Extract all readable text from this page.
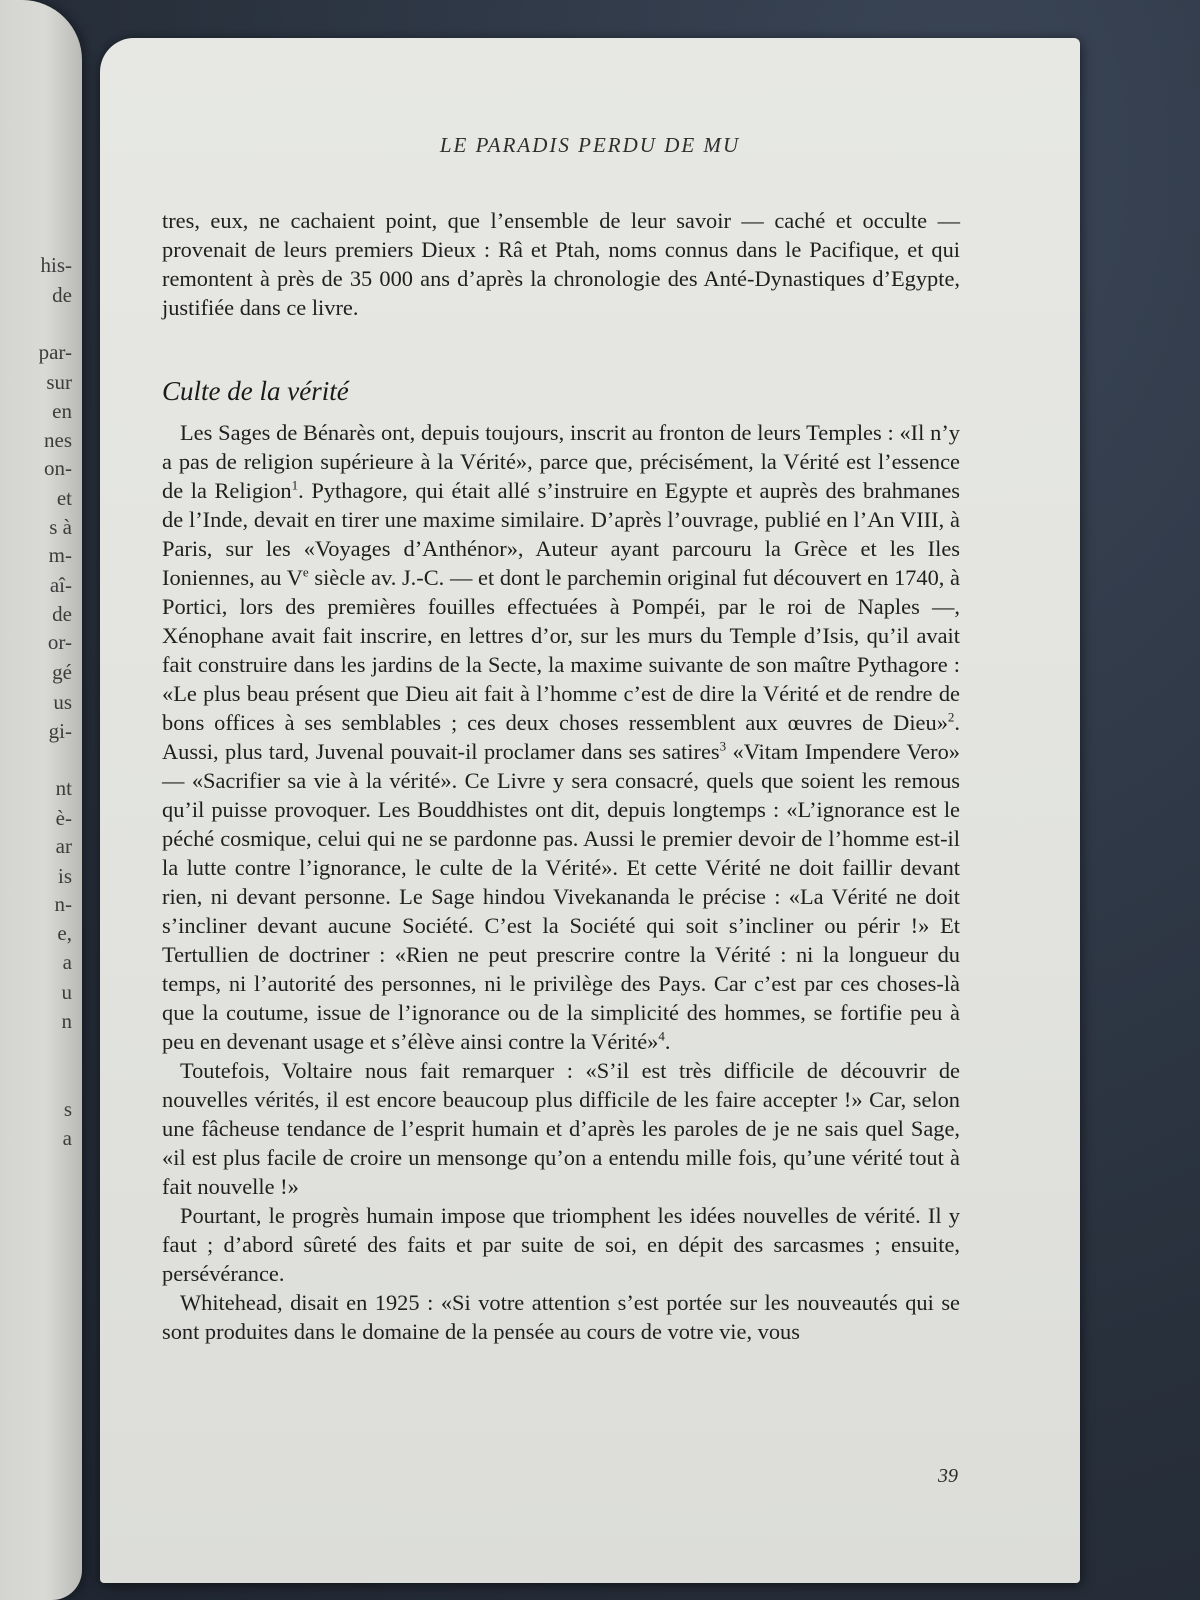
his-
de
par-
sur
en
nes
on-
et
s à
m-
aî-
de
or-
gé
us
gi-
nt
è-
ar
is
n-
e,
a
u
n
s
a
LE PARADIS PERDU DE MU

tres, eux, ne cachaient point, que l’ensemble de leur savoir — caché et occulte — provenait de leurs premiers Dieux : Râ et Ptah, noms connus dans le Pacifique, et qui remontent à près de 35 000 ans d’après la chronologie des Anté-Dynastiques d’Egypte, justifiée dans ce livre.

Culte de la vérité

Les Sages de Bénarès ont, depuis toujours, inscrit au fronton de leurs Temples : «Il n’y a pas de religion supérieure à la Vérité», parce que, précisément, la Vérité est l’essence de la Religion$^1$. Pythagore, qui était allé s’instruire en Egypte et auprès des brahmanes de l’Inde, devait en tirer une maxime similaire. D’après l’ouvrage, publié en l’An VIII, à Paris, sur les «Voyages d’Anthénor», Auteur ayant parcouru la Grèce et les Iles Ioniennes, au Ve siècle av. J.-C. — et dont le parchemin original fut découvert en 1740, à Portici, lors des premières fouilles effectuées à Pompéi, par le roi de Naples —, Xénophane avait fait inscrire, en lettres d’or, sur les murs du Temple d’Isis, qu’il avait fait construire dans les jardins de la Secte, la maxime suivante de son maître Pythagore : «Le plus beau présent que Dieu ait fait à l’homme c’est de dire la Vérité et de rendre de bons offices à ses semblables ; ces deux choses ressemblent aux œuvres de Dieu»$^2$. Aussi, plus tard, Juvenal pouvait-il proclamer dans ses satires$^3$ «Vitam Impendere Vero» — «Sacrifier sa vie à la vérité». Ce Livre y sera consacré, quels que soient les remous qu’il puisse provoquer. Les Bouddhistes ont dit, depuis longtemps : «L’ignorance est le péché cosmique, celui qui ne se pardonne pas. Aussi le premier devoir de l’homme est-il la lutte contre l’ignorance, le culte de la Vérité». Et cette Vérité ne doit faillir devant rien, ni devant personne. Le Sage hindou Vivekananda le précise : «La Vérité ne doit s’incliner devant aucune Société. C’est la Société qui soit s’incliner ou périr !» Et Tertullien de doctriner : «Rien ne peut prescrire contre la Vérité : ni la longueur du temps, ni l’autorité des personnes, ni le privilège des Pays. Car c’est par ces choses-là que la coutume, issue de l’ignorance ou de la simplicité des hommes, se fortifie peu à peu en devenant usage et s’élève ainsi contre la Vérité»$^4$.

Toutefois, Voltaire nous fait remarquer : «S’il est très difficile de découvrir de nouvelles vérités, il est encore beaucoup plus difficile de les faire accepter !» Car, selon une fâcheuse tendance de l’esprit humain et d’après les paroles de je ne sais quel Sage, «il est plus facile de croire un mensonge qu’on a entendu mille fois, qu’une vérité tout à fait nouvelle !»

Pourtant, le progrès humain impose que triomphent les idées nouvelles de vérité. Il y faut ; d’abord sûreté des faits et par suite de soi, en dépit des sarcasmes ; ensuite, persévérance.

Whitehead, disait en 1925 : «Si votre attention s’est portée sur les nouveautés qui se sont produites dans le domaine de la pensée au cours de votre vie, vous

39
